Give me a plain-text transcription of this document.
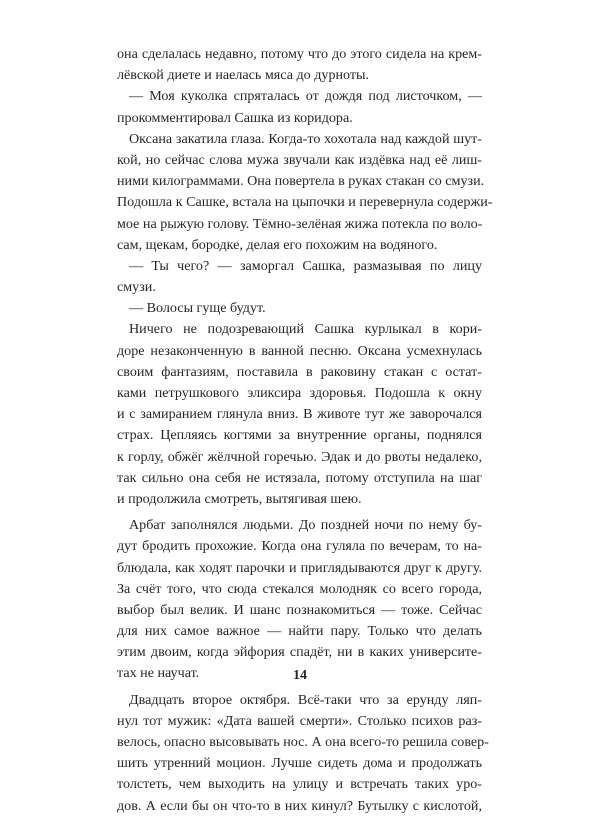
она сделалась недавно, потому что до этого сидела на крем-
лёвской диете и наелась мяса до дурноты.
— Моя куколка спряталась от дождя под листочком, —
прокомментировал Сашка из коридора.
Оксана закатила глаза. Когда-то хохотала над каждой шут-
кой, но сейчас слова мужа звучали как издёвка над её лиш-
ними килограммами. Она повертела в руках стакан со смузи.
Подошла к Сашке, встала на цыпочки и перевернула содержи-
мое на рыжую голову. Тёмно-зелёная жижа потекла по воло-
сам, щекам, бородке, делая его похожим на водяного.
— Ты чего? — заморгал Сашка, размазывая по лицу
смузи.
— Волосы гуще будут.
Ничего не подозревающий Сашка курлыкал в кори-
доре незаконченную в ванной песню. Оксана усмехнулась
своим фантазиям, поставила в раковину стакан с остат-
ками петрушкового эликсира здоровья. Подошла к окну
и с замиранием глянула вниз. В животе тут же заворочался
страх. Цепляясь когтями за внутренние органы, поднялся
к горлу, обжёг жёлчной горечью. Эдак и до рвоты недалеко,
так сильно она себя не истязала, потому отступила на шаг
и продолжила смотреть, вытягивая шею.
Арбат заполнялся людьми. До поздней ночи по нему бу-
дут бродить прохожие. Когда она гуляла по вечерам, то на-
блюдала, как ходят парочки и приглядываются друг к другу.
За счёт того, что сюда стекался молодняк со всего города,
выбор был велик. И шанс познакомиться — тоже. Сейчас
для них самое важное — найти пару. Только что делать
этим двоим, когда эйфория спадёт, ни в каких университе-
тах не научат.
Двадцать второе октября. Всё-таки что за ерунду ляп-
нул тот мужик: «Дата вашей смерти». Столько психов раз-
велось, опасно высовывать нос. А она всего-то решила совер-
шить утренний моцион. Лучше сидеть дома и продолжать
толстеть, чем выходить на улицу и встречать таких уро-
дов. А если бы он что-то в них кинул? Бутылку с кислотой,
14
